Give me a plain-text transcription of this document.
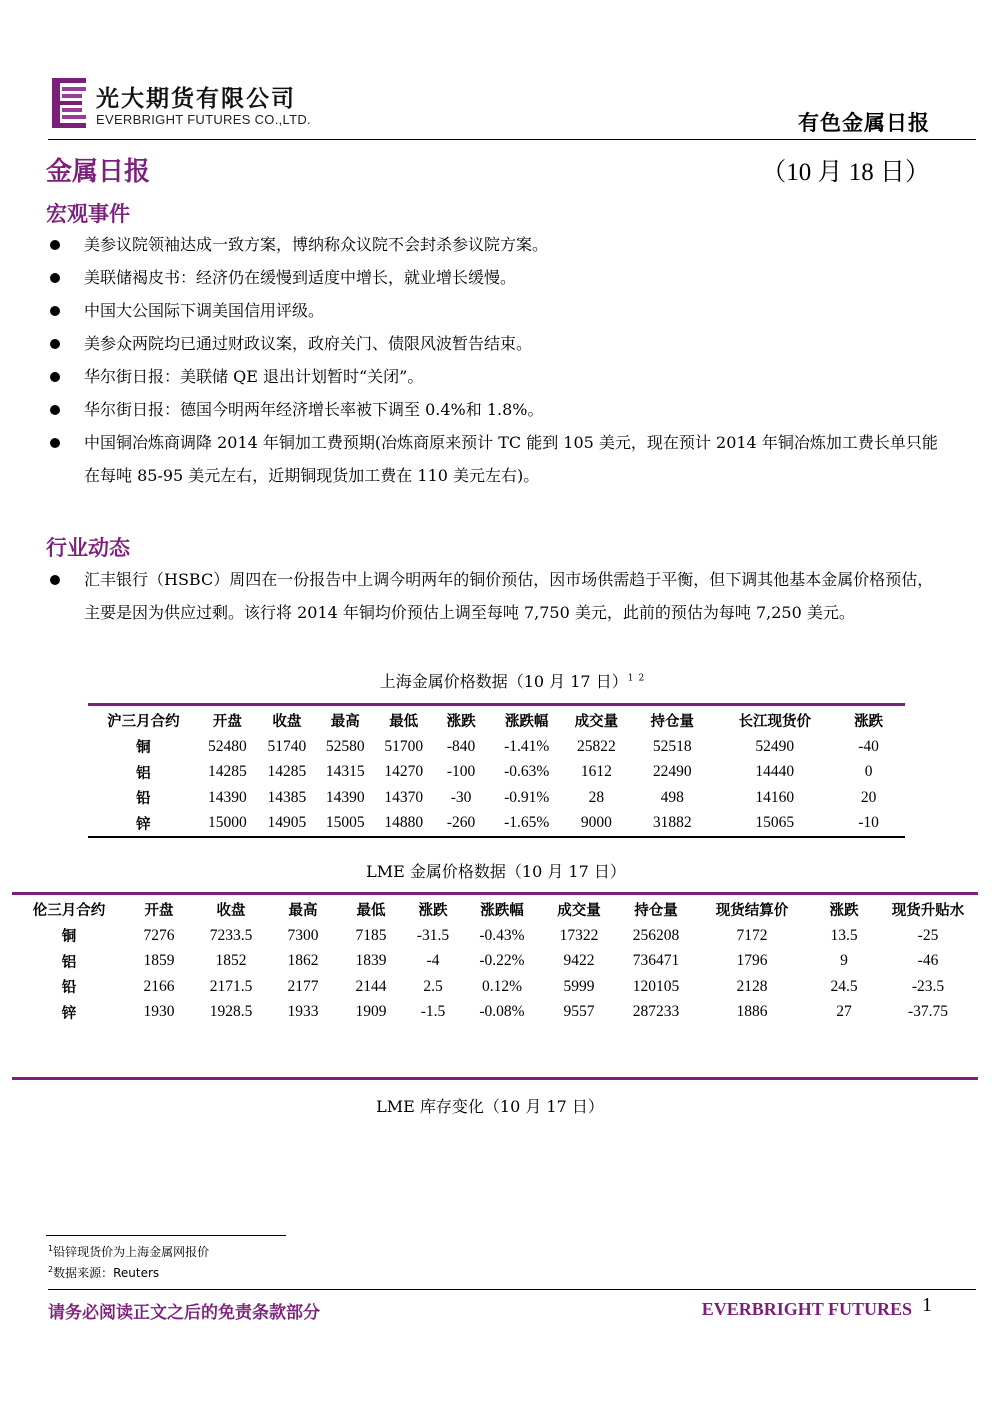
光大期货有限公司
EVERBRIGHT FUTURES CO.,LTD.	有色金属日报
金属日报	（10 月 18 日）
宏观事件
美参议院领袖达成一致方案，博纳称众议院不会封杀参议院方案。
美联储褐皮书：经济仍在缓慢到适度中增长，就业增长缓慢。
中国大公国际下调美国信用评级。
美参众两院均已通过财政议案，政府关门、债限风波暂告结束。
华尔街日报：美联储 QE 退出计划暂时“关闭”。
华尔街日报：德国今明两年经济增长率被下调至 0.4%和 1.8%。
中国铜冶炼商调降 2014 年铜加工费预期(冶炼商原来预计 TC 能到 105 美元，现在预计 2014 年铜冶炼加工费长单只能在每吨 85-95 美元左右，近期铜现货加工费在 110 美元左右)。
行业动态
汇丰银行（HSBC）周四在一份报告中上调今明两年的铜价预估，因市场供需趋于平衡，但下调其他基本金属价格预估，主要是因为供应过剩。该行将 2014 年铜均价预估上调至每吨 7,750 美元，此前的预估为每吨 7,250 美元。
上海金属价格数据（10 月 17 日）$^1$ $^2$
沪三月合约	开盘	收盘	最高	最低	涨跌	涨跌幅	成交量	持仓量	长江现货价	涨跌
铜	52480	51740	52580	51700	-840	-1.41%	25822	52518	52490	-40
铝	14285	14285	14315	14270	-100	-0.63%	1612	22490	14440	0
铅	14390	14385	14390	14370	-30	-0.91%	28	498	14160	20
锌	15000	14905	15005	14880	-260	-1.65%	9000	31882	15065	-10
LME 金属价格数据（10 月 17 日）
伦三月合约	开盘	收盘	最高	最低	涨跌	涨跌幅	成交量	持仓量	现货结算价	涨跌	现货升贴水
铜	7276	7233.5	7300	7185	-31.5	-0.43%	17322	256208	7172	13.5	-25
铝	1859	1852	1862	1839	-4	-0.22%	9422	736471	1796	9	-46
铅	2166	2171.5	2177	2144	2.5	0.12%	5999	120105	2128	24.5	-23.5
锌	1930	1928.5	1933	1909	-1.5	-0.08%	9557	287233	1886	27	-37.75
LME 库存变化（10 月 17 日）
$^1$铅锌现货价为上海金属网报价
$^2$数据来源：Reuters
请务必阅读正文之后的免责条款部分	EVERBRIGHT FUTURES 1
